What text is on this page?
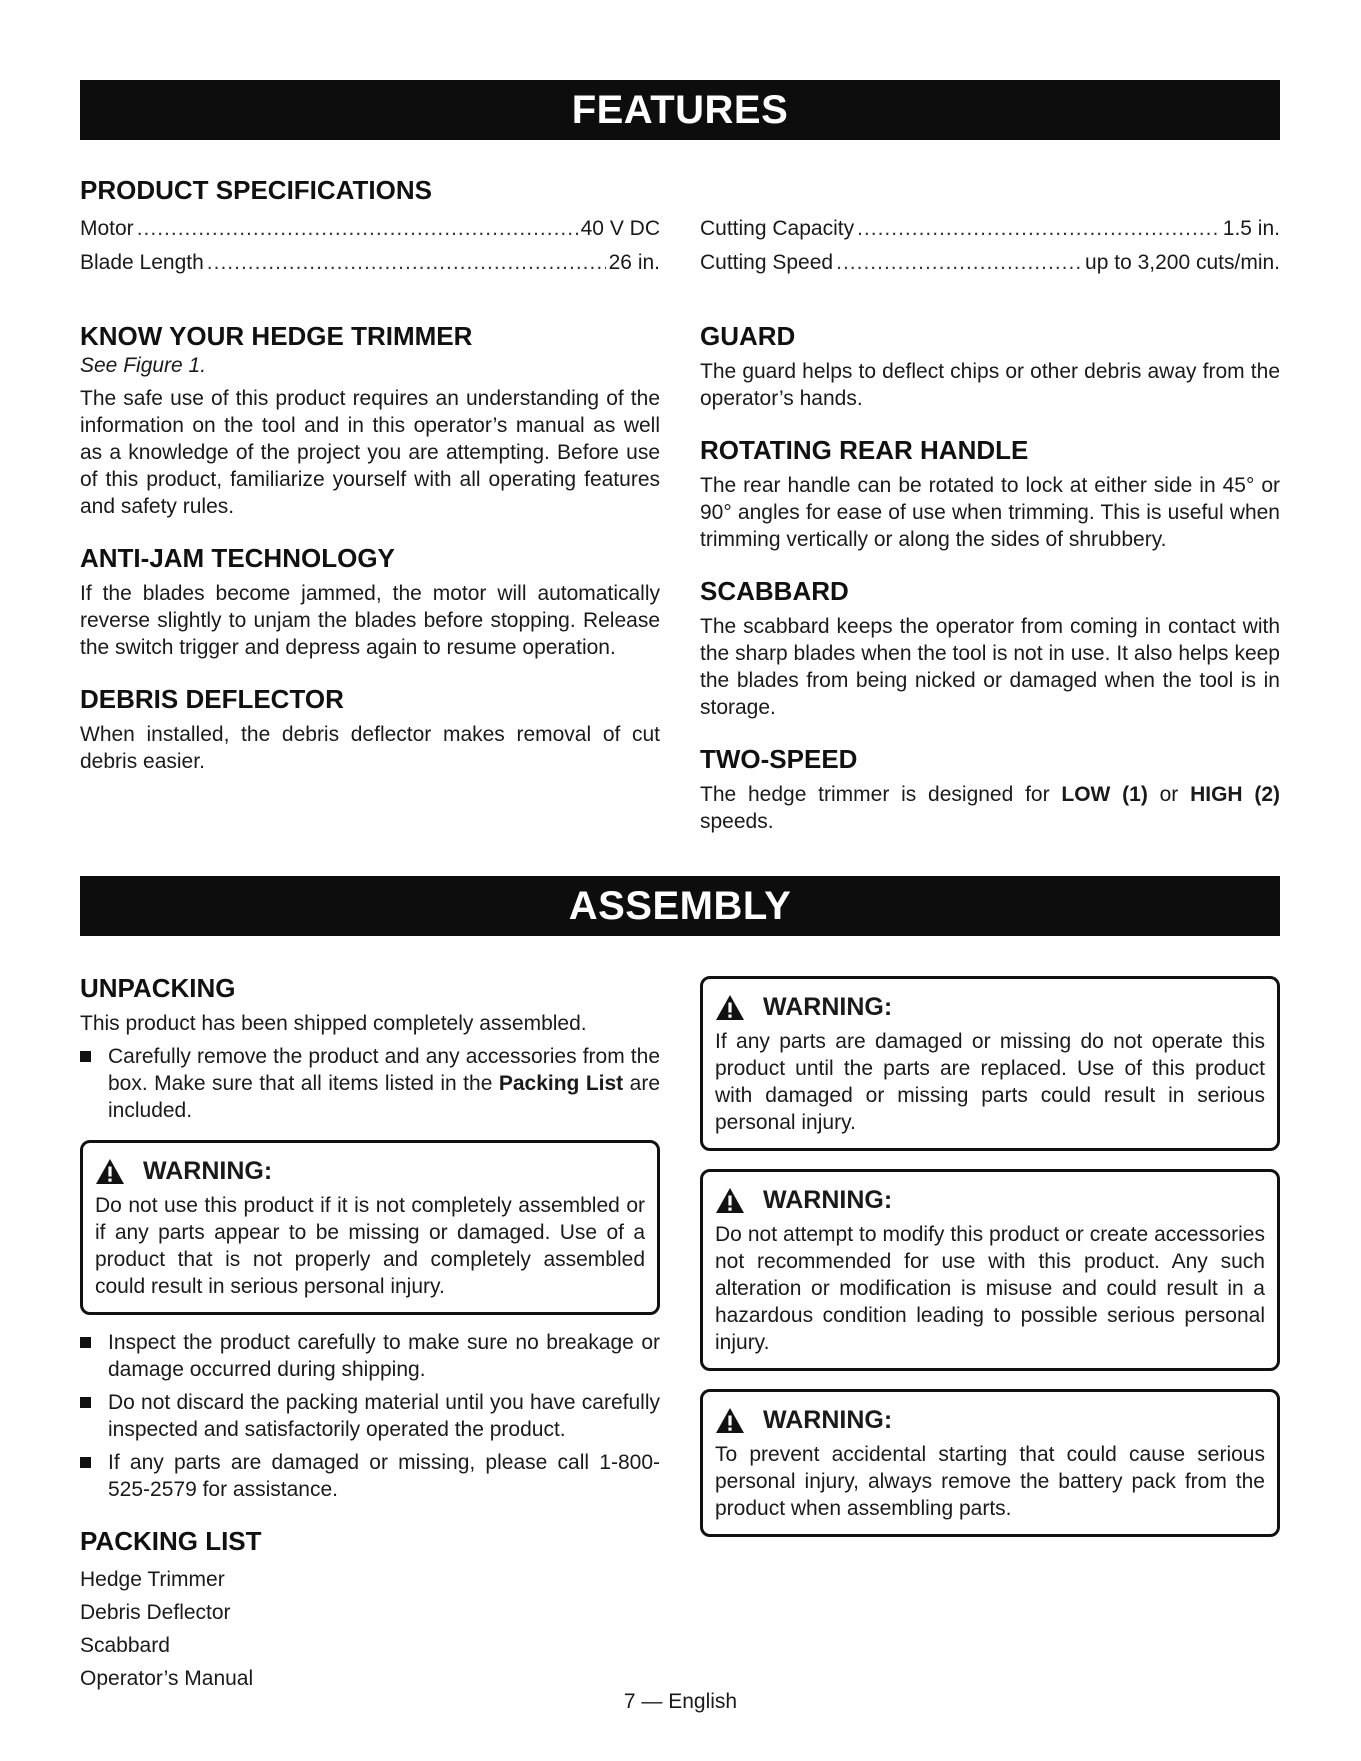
FEATURES
PRODUCT SPECIFICATIONS
Motor .....	40 V DC
Blade Length .....	26 in.
KNOW YOUR HEDGE TRIMMER

See Figure 1.

The safe use of this product requires an understanding of the information on the tool and in this operator’s manual as well as a knowledge of the project you are attempting. Before use of this product, familiarize yourself with all operating features and safety rules.

ANTI-JAM TECHNOLOGY

If the blades become jammed, the motor will automatically reverse slightly to unjam the blades before stopping. Release the switch trigger and depress again to resume operation.

DEBRIS DEFLECTOR

When installed, the debris deflector makes removal of cut debris easier.

Cutting Capacity .....	1.5 in.
Cutting Speed .....	up to 3,200 cuts/min.
GUARD

The guard helps to deflect chips or other debris away from the operator’s hands.

ROTATING REAR HANDLE

The rear handle can be rotated to lock at either side in 45° or 90° angles for ease of use when trimming. This is useful when trimming vertically or along the sides of shrubbery.

SCABBARD

The scabbard keeps the operator from coming in contact with the sharp blades when the tool is not in use. It also helps keep the blades from being nicked or damaged when the tool is in storage.

TWO-SPEED

The hedge trimmer is designed for LOW (1) or HIGH (2) speeds.

ASSEMBLY
UNPACKING

This product has been shipped completely assembled.

Carefully remove the product and any accessories from the box. Make sure that all items listed in the Packing List are included.
WARNING:

Do not use this product if it is not completely assembled or if any parts appear to be missing or damaged. Use of a product that is not properly and completely assembled could result in serious personal injury.

Inspect the product carefully to make sure no breakage or damage occurred during shipping.
Do not discard the packing material until you have carefully inspected and satisfactorily operated the product.
If any parts are damaged or missing, please call 1-800-525-2579 for assistance.
PACKING LIST
Hedge Trimmer
Debris Deflector
Scabbard
Operator’s Manual
WARNING:

If any parts are damaged or missing do not operate this product until the parts are replaced. Use of this product with damaged or missing parts could result in serious personal injury.

WARNING:

Do not attempt to modify this product or create accessories not recommended for use with this product. Any such alteration or modification is misuse and could result in a hazardous condition leading to possible serious personal injury.

WARNING:

To prevent accidental starting that could cause serious personal injury, always remove the battery pack from the product when assembling parts.

7 — English
